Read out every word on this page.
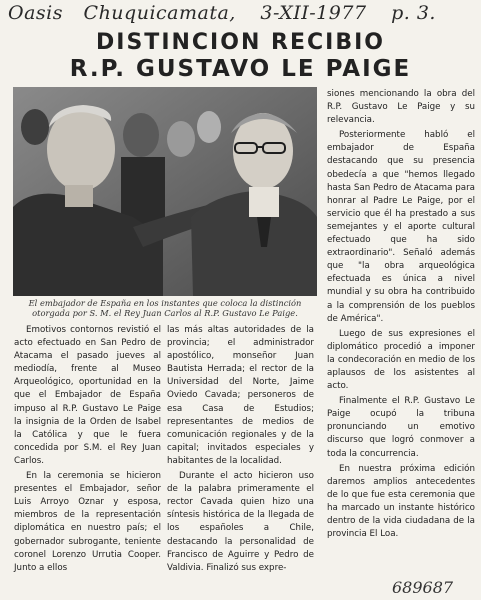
Oasis Chuquicamata, 3-XII-1977 p. 3.
DISTINCION RECIBIO
R.P. GUSTAVO LE PAIGE
El embajador de España en los instantes que coloca la distinción otorgada por S. M. el Rey Juan Carlos al R.P. Gustavo Le Paige.

Emotivos contornos revistió el acto efectuado en San Pedro de Atacama el pasado jueves al mediodía, frente al Museo Arqueológico, oportunidad en la que el Embajador de España impuso al R.P. Gustavo Le Paige la insignia de la Orden de Isabel la Católica y que le fuera concedida por S.M. el Rey Juan Carlos.

En la ceremonia se hicieron presentes el Embajador, señor Luis Arroyo Oznar y esposa, miembros de la representación diplomática en nuestro país; el gobernador subrogante, teniente coronel Lorenzo Urrutia Cooper. Junto a ellos

las más altas autoridades de la provincia; el administrador apostólico, monseñor Juan Bautista Herrada; el rector de la Universidad del Norte, Jaime Oviedo Cavada; personeros de esa Casa de Estudios; representantes de medios de comunicación regionales y de la capital; invitados especiales y habitantes de la localidad.

Durante el acto hicieron uso de la palabra primeramente el rector Cavada quien hizo una síntesis histórica de la llegada de los españoles a Chile, destacando la personalidad de Francisco de Aguirre y Pedro de Valdivia. Finalizó sus expre-

siones mencionando la obra del R.P. Gustavo Le Paige y su relevancia.

Posteriormente habló el embajador de España destacando que su presencia obedecía a que "hemos llegado hasta San Pedro de Atacama para honrar al Padre Le Paige, por el servicio que él ha prestado a sus semejantes y el aporte cultural efectuado que ha sido extraordinario". Señaló además que "la obra arqueológica efectuada es única a nivel mundial y su obra ha contribuido a la comprensión de los pueblos de América".

Luego de sus expresiones el diplomático procedió a imponer la condecoración en medio de los aplausos de los asistentes al acto.

Finalmente el R.P. Gustavo Le Paige ocupó la tribuna pronunciando un emotivo discurso que logró conmover a toda la concurrencia.

En nuestra próxima edición daremos amplios antecedentes de lo que fue esta ceremonia que ha marcado un instante histórico dentro de la vida ciudadana de la provincia El Loa.

689687
